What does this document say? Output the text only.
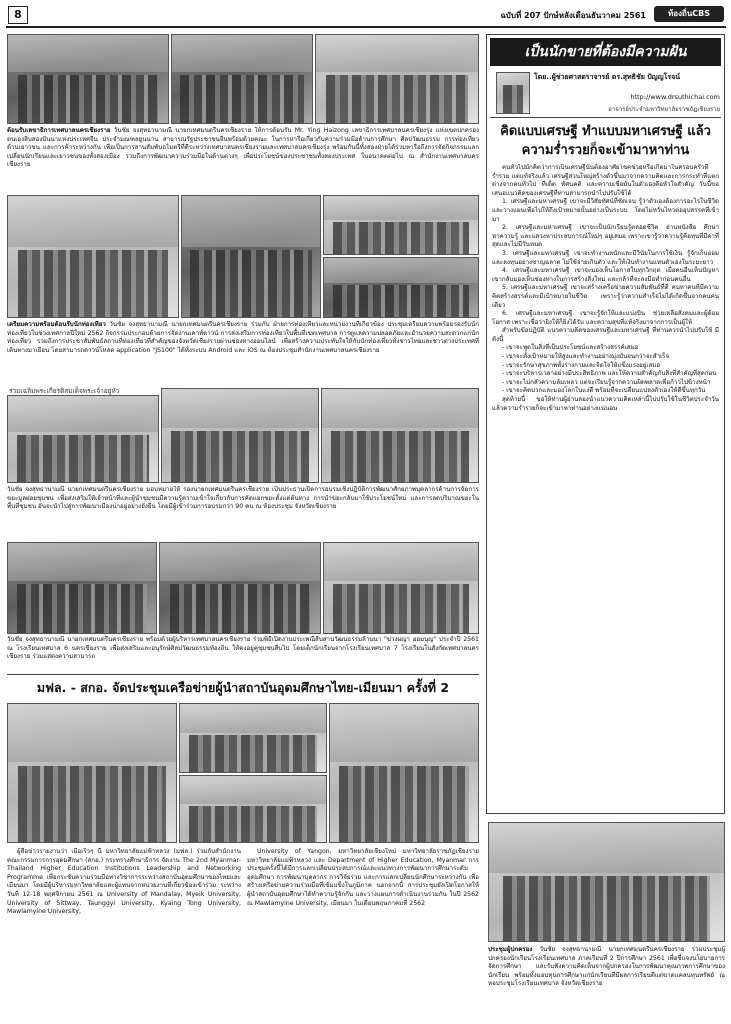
8	ฉบับที่ 207 ปักษ์หลังเดือนธันวาคม 2561	ท้องถิ่นCBS
ต้อนรับเลขาธิการเทศบาลนครเชียงราย วันชัย จงสุทธานามณี นายกเทศมนตรีนครเชียงราย ให้การต้อนรับ Mr. Ying Haizong เลขาธิการเทศบาลนครเชียงรุ่ง แห่งเขตปกครองตนเองสิบสองปันนาแห่งประเทศจีน ประจำมณฑลยูนนาน สาธารณรัฐประชาชนจีนพร้อมด้วยคณะ ในการหารือเกี่ยวกับความร่วมมือด้านการศึกษา ศิลปวัฒนธรรม การท่องเที่ยว ด้านเยาวชน และการค้าระหว่างกัน เพื่อเป็นการสานสัมพันธไมตรีที่ดีระหว่างเทศบาลนครเชียงรายและเทศบาลนครเชียงรุ่ง พร้อมกันนี้ทั้งสองฝ่ายได้ร่วมหารือถึงการจัดกิจกรรมแลกเปลี่ยนนักเรียนและเยาวชนของทั้งสองเมือง รวมถึงการพัฒนาความร่วมมือในด้านต่างๆ เพื่อประโยชน์ของประชาชนทั้งสองประเทศ ในอนาคตต่อไป ณ สำนักงานเทศบาลนครเชียงราย
เตรียมความพร้อมต้อนรับนักท่องเที่ยว วันชัย จงสุทธานามณี นายกเทศมนตรีนครเชียงราย ร่วมกับ ฝ่ายการท่องเที่ยวและหน่วยงานที่เกี่ยวข้อง ประชุมเตรียมความพร้อมรองรับนักท่องเที่ยวในช่วงเทศกาลปีใหม่ 2562 กิจกรรมประกอบด้วยการจัดงานเคาท์ดาวน์ การส่งเสริมการท่องเที่ยวในพื้นที่เขตเทศบาล การดูแลความปลอดภัยและอำนวยความสะดวกแก่นักท่องเที่ยว รวมถึงการประชาสัมพันธ์สถานที่ท่องเที่ยวที่สำคัญของจังหวัดเชียงรายผ่านช่องทางออนไลน์ เพื่อสร้างความประทับใจให้กับนักท่องเที่ยวทั้งชาวไทยและชาวต่างประเทศที่เดินทางมาเยือน โดยสามารถดาวน์โหลด application "JS100" ได้ทั้งระบบ Android และ iOS ณ ห้องประชุมสำนักงานเทศบาลนครเชียงราย
ร่วมเฉลิมพระเกียรติสมเด็จพระเจ้าอยู่หัว
วันชัย จงสุทธานามณี นายกเทศมนตรีนครเชียงราย มอบหมายให้ รองนายกเทศมนตรีนครเชียงราย เป็นประธานเปิดการอบรมเชิงปฏิบัติการพัฒนาศักยภาพบุคลากรด้านการจัดการขยะมูลฝอยชุมชน เพื่อส่งเสริมให้เจ้าหน้าที่และผู้นำชุมชนมีความรู้ความเข้าใจเกี่ยวกับการคัดแยกขยะตั้งแต่ต้นทาง การนำขยะกลับมาใช้ประโยชน์ใหม่ และการลดปริมาณขยะในพื้นที่ชุมชน อันจะนำไปสู่การพัฒนาเมืองน่าอยู่อย่างยั่งยืน โดยมีผู้เข้าร่วมการอบรมกว่า 90 คน ณ ห้องประชุม จังหวัดเชียงราย
วันชัย จงสุทธานามณี นายกเทศมนตรีนครเชียงราย พร้อมด้วยผู้บริหารเทศบาลนครเชียงราย ร่วมพิธีเปิดงานประเพณีสืบสานวัฒนธรรมล้านนา "ข่วงผญา ฮอมบุญ" ประจำปี 2561 ณ โรงเรียนเทศบาล 6 นครเชียงราย เพื่อส่งเสริมและอนุรักษ์ศิลปวัฒนธรรมท้องถิ่น ให้คงอยู่คู่ชุมชนสืบไป โดยเด็กนักเรียนจากโรงเรียนเทศบาล 7 โรงเรียนในสังกัดเทศบาลนครเชียงราย ร่วมแสดงความสามารถ
มฟล. - สกอ. จัดประชุมเครือข่ายผู้นำสถาบันอุดมศึกษาไทย-เมียนมา ครั้งที่ 2

ผู้สื่อข่าวรายงานว่า เมื่อเร็วๆ นี้ มหาวิทยาลัยแม่ฟ้าหลวง (มฟล.) ร่วมกับสำนักงานคณะกรรมการการอุดมศึกษา (สกอ.) กระทรวงศึกษาธิการ จัดงาน The 2nd Myanmar-Thailand Higher Education Institutions Leadership and Networking Programme เพื่อกระชับความร่วมมือทางวิชาการระหว่างสถาบันอุดมศึกษาของไทยและเมียนมา โดยมีผู้บริหารมหาวิทยาลัยและผู้แทนจากหน่วยงานที่เกี่ยวข้องเข้าร่วม ระหว่างวันที่ 12-18 พฤศจิกายน 2561 ณ University of Mandalay, Myeik University, University of Sittway, Taunggyi University, Kyaing Tong University, Mawlamyine University,

University of Yangon, มหาวิทยาลัยเชียงใหม่ มหาวิทยาลัยราชภัฏเชียงราย มหาวิทยาลัยแม่ฟ้าหลวง และ Department of Higher Education, Myanmar การประชุมครั้งนี้ได้มีการแลกเปลี่ยนประสบการณ์และแนวทางการพัฒนาการศึกษาระดับอุดมศึกษา การพัฒนาบุคลากร การวิจัยร่วม และการแลกเปลี่ยนนักศึกษาระหว่างกัน เพื่อสร้างเครือข่ายความร่วมมือที่เข้มแข็งในภูมิภาค นอกจากนี้ การประชุมยังเปิดโอกาสให้ผู้นำสถาบันอุดมศึกษาได้ทำความรู้จักกัน และวางแผนการดำเนินงานร่วมกัน ในปี 2562 ณ Mawlamyine University, เมียนมา ในเดือนพฤษภาคมที่ 2562

เป็นนักขายที่ต้องมีความฝัน
โดย..ผู้ช่วยศาสตราจารย์ ดร.สุทธิชัย ปัญญโรจน์
http://www.drsuthichai.com
อาจารย์ประจำมหาวิทยาลัยราชภัฏเชียงราย
คิดแบบเศรษฐี ทำแบบมหาเศรษฐี แล้วความร่ำรวยก็จะเข้ามาหาท่าน

คนทั่วไปมักคิดว่าการเป็นเศรษฐีนั้นต้องอาศัยโชคช่วยหรือเกิดมาในครอบครัวที่ร่ำรวย แต่แท้จริงแล้ว เศรษฐีส่วนใหญ่สร้างตัวขึ้นมาจากความคิดและการกระทำที่แตกต่างจากคนทั่วไป ทีเด็ด ทัศนคติ และความเชื่อมั่นในตัวเองคือหัวใจสำคัญ วันนี้ขอเสนอแนวคิดของเศรษฐีที่ท่านสามารถนำไปปรับใช้ได้

1. เศรษฐีและมหาเศรษฐี เขาจะมีวิสัยทัศน์ที่ชัดเจน รู้ว่าตัวเองต้องการอะไรในชีวิต และวางแผนเพื่อไปให้ถึงเป้าหมายนั้นอย่างเป็นระบบ โดยไม่หวั่นไหวต่ออุปสรรคที่เข้ามา

2. เศรษฐีและมหาเศรษฐี เขาจะเป็นนักเรียนรู้ตลอดชีวิต อ่านหนังสือ ศึกษาหาความรู้ และแสวงหาประสบการณ์ใหม่ๆ อยู่เสมอ เพราะเขารู้ว่าความรู้คือทุนที่มีค่าที่สุดและไม่มีวันหมด

3. เศรษฐีและมหาเศรษฐี เขาจะทำงานหนักและมีวินัยในการใช้เงิน รู้จักเก็บออมและลงทุนอย่างชาญฉลาด ไม่ใช้จ่ายเกินตัว และให้เงินทำงานแทนตัวเองในระยะยาว

4. เศรษฐีและมหาเศรษฐี เขาจะมองเห็นโอกาสในทุกวิกฤต เมื่อคนอื่นเห็นปัญหา เขากลับมองเห็นช่องทางในการสร้างสิ่งใหม่ และกล้าที่จะลงมือทำก่อนคนอื่น

5. เศรษฐีและมหาเศรษฐี เขาจะสร้างเครือข่ายความสัมพันธ์ที่ดี คบหาคนที่มีความคิดสร้างสรรค์และมีเป้าหมายในชีวิต เพราะรู้ว่าความสำเร็จไม่ได้เกิดขึ้นจากคนคนเดียว

6. เศรษฐีและมหาเศรษฐี เขาจะรู้จักให้และแบ่งปัน ช่วยเหลือสังคมและผู้ด้อยโอกาส เพราะเชื่อว่ายิ่งให้ก็ยิ่งได้รับ และความสุขที่แท้จริงมาจากการเป็นผู้ให้

สำหรับข้อปฏิบัติ แนวความคิดของเศรษฐีและมหาเศรษฐี ที่ท่านควรนำไปปรับใช้ มีดังนี้

- เขาจะพูดในสิ่งที่เป็นประโยชน์และสร้างสรรค์เสมอ

- เขาจะตั้งเป้าหมายให้สูงและทำงานอย่างมุ่งมั่นจนกว่าจะสำเร็จ

- เขาจะรักษาสุขภาพทั้งร่างกายและจิตใจให้แข็งแรงอยู่เสมอ

- เขาจะบริหารเวลาอย่างมีประสิทธิภาพ และให้ความสำคัญกับสิ่งที่สำคัญที่สุดก่อน

- เขาจะไม่กลัวความล้มเหลว แต่จะเรียนรู้จากความผิดพลาดเพื่อก้าวไปข้างหน้า

- เขาจะคิดบวกและมองโลกในแง่ดี พร้อมที่จะเปลี่ยนแปลงตัวเองให้ดีขึ้นทุกวัน

สุดท้ายนี้ ขอให้ท่านผู้อ่านลองนำแนวความคิดเหล่านี้ไปปรับใช้ในชีวิตประจำวัน แล้วความร่ำรวยก็จะเข้ามาหาท่านอย่างแน่นอน

ประชุมผู้ปกครอง วันชัย จงสุทธานามณี นายกเทศมนตรีนครเชียงราย ร่วมประชุมผู้ปกครองนักเรียนโรงเรียนเทศบาล ภาคเรียนที่ 2 ปีการศึกษา 2561 เพื่อชี้แจงนโยบายการจัดการศึกษา และรับฟังความคิดเห็นจากผู้ปกครองในการพัฒนาคุณภาพการศึกษาของนักเรียน พร้อมทั้งมอบทุนการศึกษาแก่นักเรียนที่มีผลการเรียนดีแต่ขาดแคลนทุนทรัพย์ ณ หอประชุมโรงเรียนเทศบาล จังหวัดเชียงราย
